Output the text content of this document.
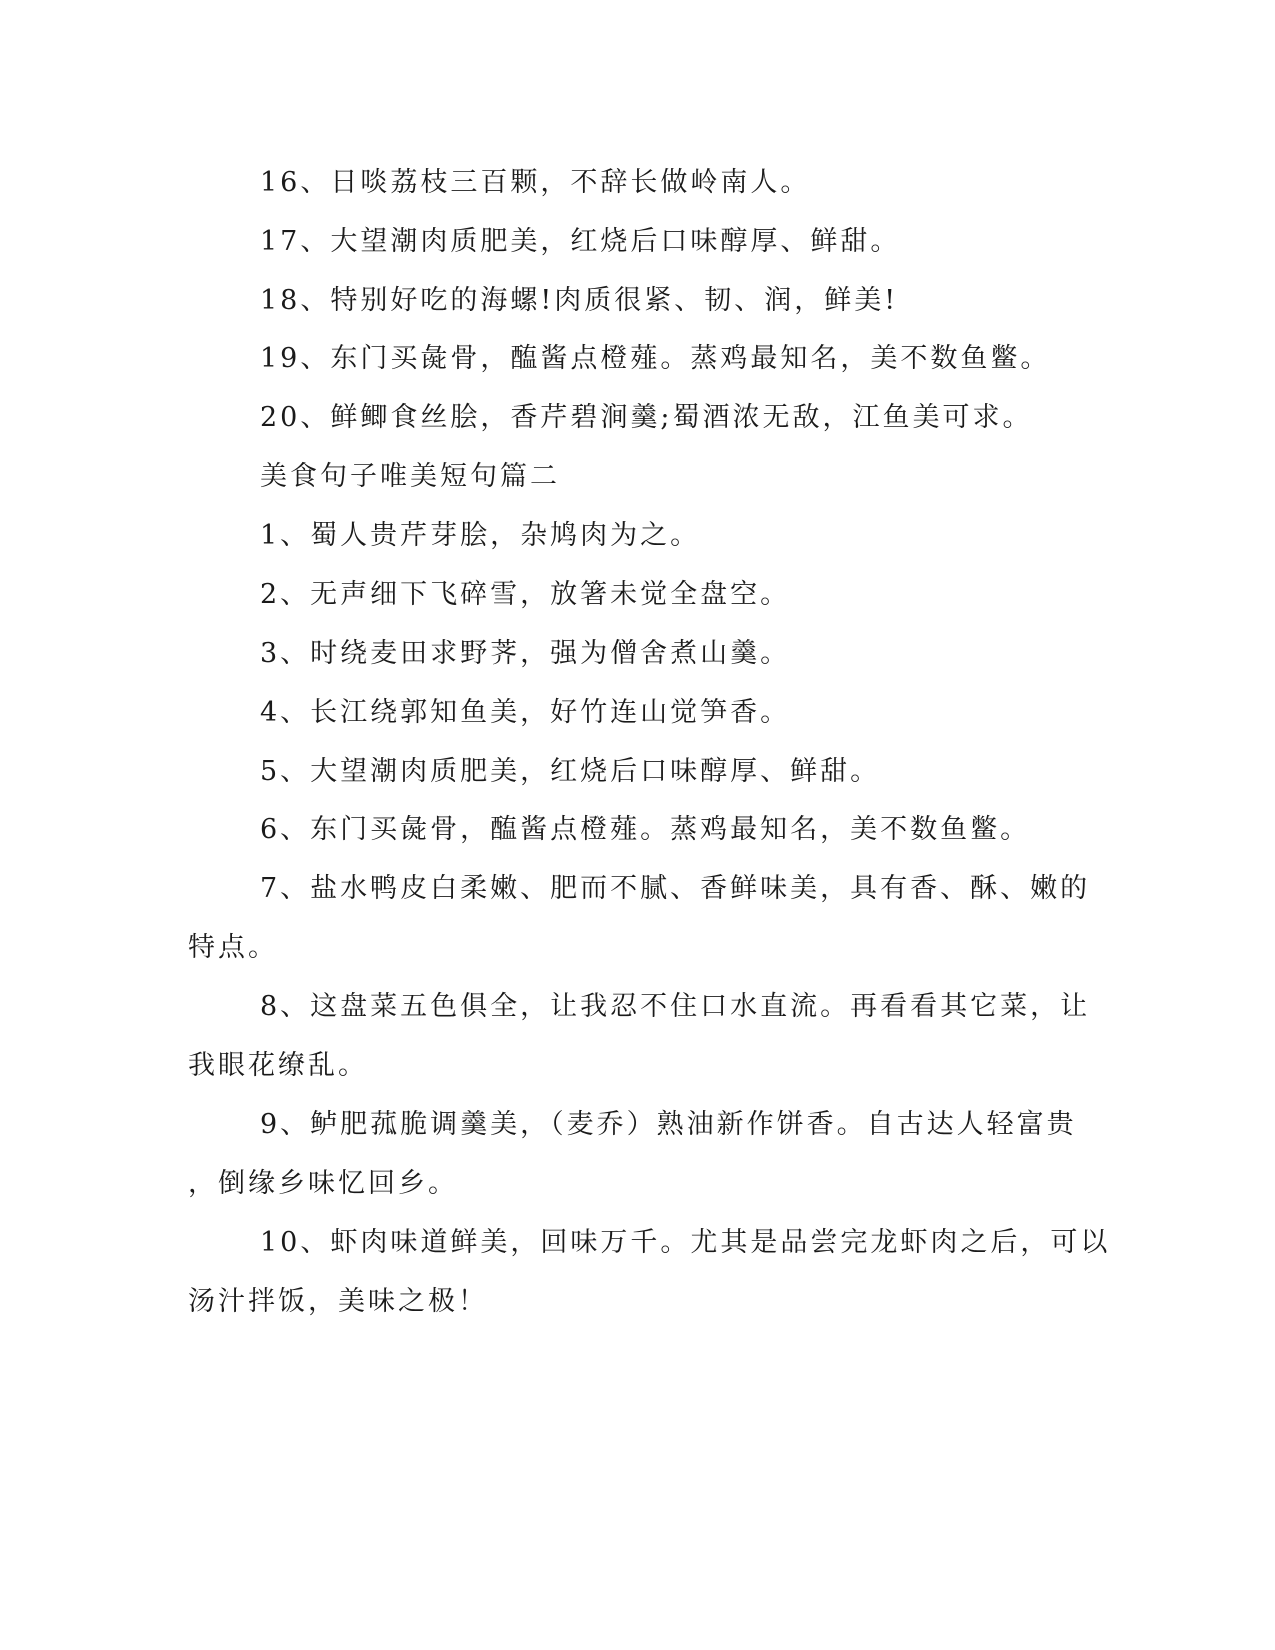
16、日啖荔枝三百颗，不辞长做岭南人。

17、大望潮肉质肥美，红烧后口味醇厚、鲜甜。

18、特别好吃的海螺!肉质很紧、韧、润，鲜美!

19、东门买彘骨，醢酱点橙薤。蒸鸡最知名，美不数鱼鳖。

20、鲜鲫食丝脍，香芹碧涧羹;蜀酒浓无敌，江鱼美可求。

美食句子唯美短句篇二

1、蜀人贵芹芽脍，杂鸠肉为之。

2、无声细下飞碎雪，放箸未觉全盘空。

3、时绕麦田求野荠，强为僧舍煮山羹。

4、长江绕郭知鱼美，好竹连山觉笋香。

5、大望潮肉质肥美，红烧后口味醇厚、鲜甜。

6、东门买彘骨，醢酱点橙薤。蒸鸡最知名，美不数鱼鳖。

7、盐水鸭皮白柔嫩、肥而不腻、香鲜味美，具有香、酥、嫩的

特点。

8、这盘菜五色俱全，让我忍不住口水直流。再看看其它菜，让

我眼花缭乱。

9、鲈肥菰脆调羹美，（麦乔）熟油新作饼香。自古达人轻富贵

，倒缘乡味忆回乡。

10、虾肉味道鲜美，回味万千。尤其是品尝完龙虾肉之后，可以

汤汁拌饭，美味之极！
